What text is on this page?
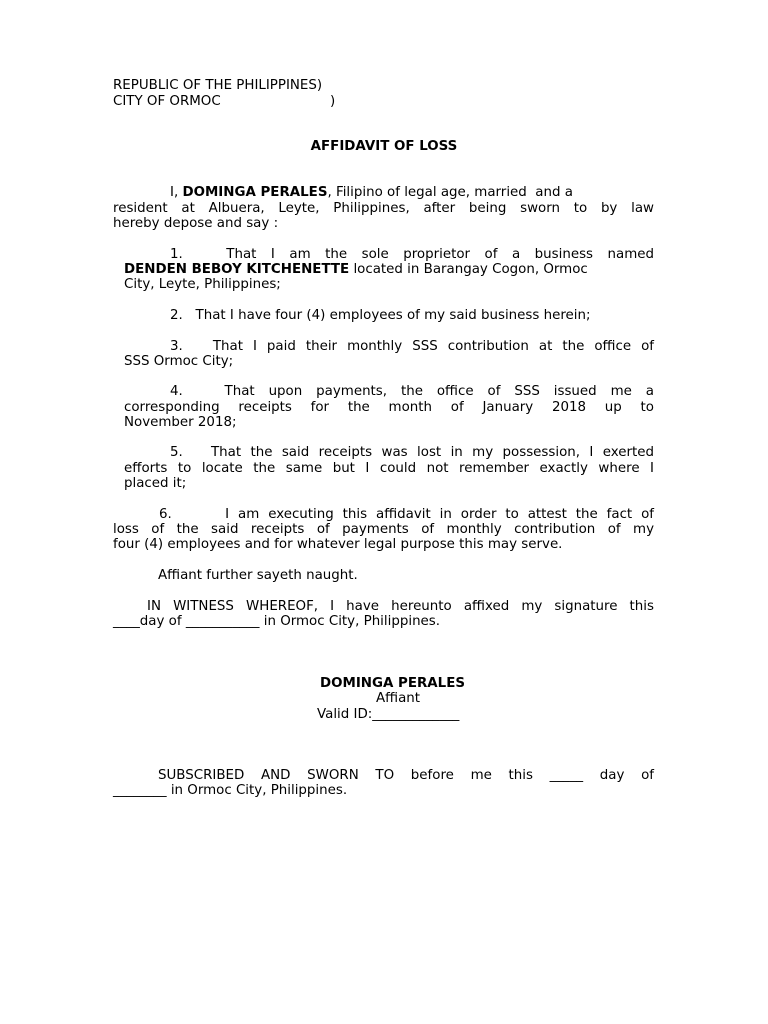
REPUBLIC OF THE PHILIPPINES)
CITY OF ORMOC	)
AFFIDAVIT OF LOSS
I, DOMINGA PERALES, Filipino of legal age, married  and a
resident at Albuera, Leyte, Philippines, after being sworn to by law
hereby depose and say :
1.   That I am the sole proprietor of a business named
DENDEN BEBOY KITCHENETTE located in Barangay Cogon, Ormoc
City, Leyte, Philippines;
2.   That I have four (4) employees of my said business herein;
3.   That I paid their monthly SSS contribution at the office of
SSS Ormoc City;
4.   That upon payments, the office of SSS issued me a
corresponding receipts for the month of January 2018 up to
November 2018;
5.   That the said receipts was lost in my possession, I exerted
efforts to locate the same but I could not remember exactly where I
placed it;
6.      I am executing this affidavit in order to attest the fact of
loss of the said receipts of payments of monthly contribution of my
four (4) employees and for whatever legal purpose this may serve.
Affiant further sayeth naught.
IN WITNESS WHEREOF, I have hereunto affixed my signature this
____day of ___________ in Ormoc City, Philippines.
DOMINGA PERALES
Affiant
Valid ID:_____________
SUBSCRIBED AND SWORN TO before me this _____ day of
________ in Ormoc City, Philippines.
